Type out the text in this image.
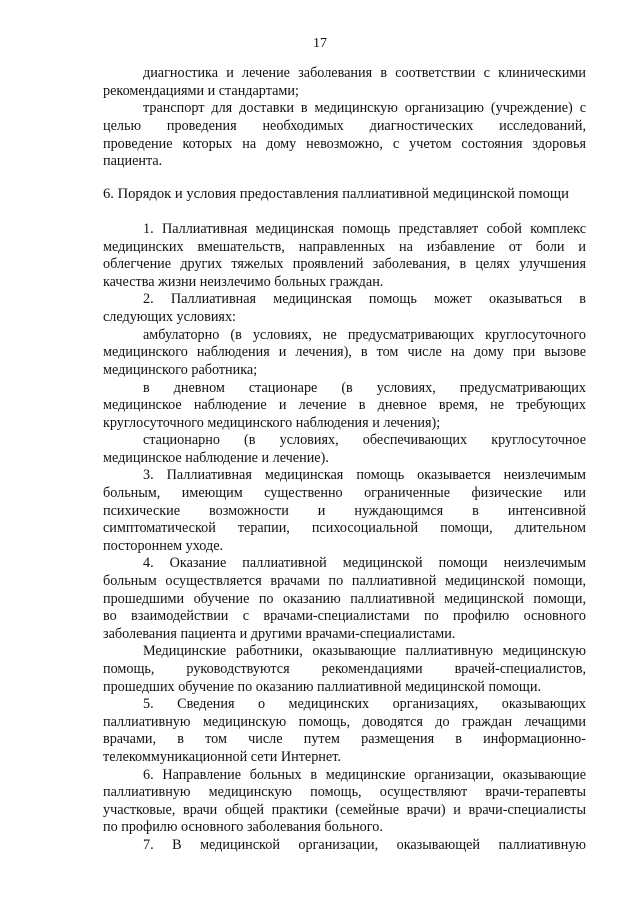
17
диагностика и лечение заболевания в соответствии с клиническими
рекомендациями и стандартами;
транспорт для доставки в медицинскую организацию (учреждение) с
целью проведения необходимых диагностических исследований,
проведение которых на дому невозможно, с учетом состояния здоровья
пациента.
6. Порядок и условия предоставления паллиативной медицинской помощи
1. Паллиативная медицинская помощь представляет собой комплекс
медицинских вмешательств, направленных на избавление от боли и
облегчение других тяжелых проявлений заболевания, в целях улучшения
качества жизни неизлечимо больных граждан.
2. Паллиативная медицинская помощь может оказываться в
следующих условиях:
амбулаторно (в условиях, не предусматривающих круглосуточного
медицинского наблюдения и лечения), в том числе на дому при вызове
медицинского работника;
в дневном стационаре (в условиях, предусматривающих
медицинское наблюдение и лечение в дневное время, не требующих
круглосуточного медицинского наблюдения и лечения);
стационарно (в условиях, обеспечивающих круглосуточное
медицинское наблюдение и лечение).
3. Паллиативная медицинская помощь оказывается неизлечимым
больным, имеющим существенно ограниченные физические или
психические возможности и нуждающимся в интенсивной
симптоматической терапии, психосоциальной помощи, длительном
постороннем уходе.
4. Оказание паллиативной медицинской помощи неизлечимым
больным осуществляется врачами по паллиативной медицинской помощи,
прошедшими обучение по оказанию паллиативной медицинской помощи,
во взаимодействии с врачами-специалистами по профилю основного
заболевания пациента и другими врачами-специалистами.
Медицинские работники, оказывающие паллиативную медицинскую
помощь, руководствуются рекомендациями врачей-специалистов,
прошедших обучение по оказанию паллиативной медицинской помощи.
5. Сведения о медицинских организациях, оказывающих
паллиативную медицинскую помощь, доводятся до граждан лечащими
врачами, в том числе путем размещения в информационно-
телекоммуникационной сети Интернет.
6. Направление больных в медицинские организации, оказывающие
паллиативную медицинскую помощь, осуществляют врачи-терапевты
участковые, врачи общей практики (семейные врачи) и врачи-специалисты
по профилю основного заболевания больного.
7. В медицинской организации, оказывающей паллиативную
